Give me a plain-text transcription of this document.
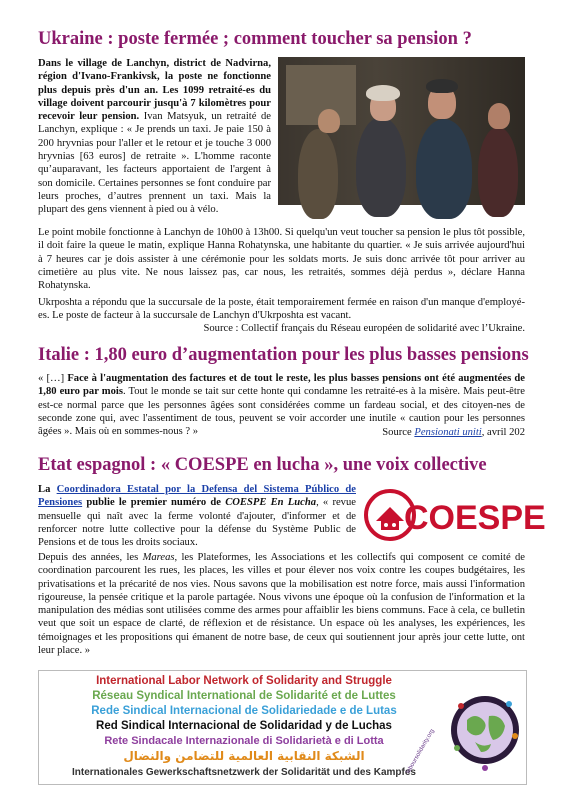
Ukraine : poste fermée ; comment toucher sa pension ?
Dans le village de Lanchyn, district de Nadvirna, région d'Ivano-Frankivsk, la poste ne fonctionne plus depuis près d'un an. Les 1099 retraité-es du village doivent parcourir jusqu'à 7 kilomètres pour recevoir leur pension. Ivan Matsyuk, un retraité de Lanchyn, explique : « Je prends un taxi. Je paie 150 à 200 hryvnias pour l'aller et le retour et je touche 3 000 hryvnias [63 euros] de retraite ». L'homme raconte qu’auparavant, les facteurs apportaient de l'argent à son domicile. Certaines personnes se font conduire par leurs proches, d’autres prennent un taxi. Mais la plupart des gens viennent à pied ou à vélo.
Le point mobile fonctionne à Lanchyn de 10h00 à 13h00. Si quelqu'un veut toucher sa pension le plus tôt possible, il doit faire la queue le matin, explique Hanna Rohatynska, une habitante du quartier. « Je suis arrivée aujourd'hui à 7 heures car je dois assister à une cérémonie pour les soldats morts. Je suis donc arrivée tôt pour arriver au cimetière au plus vite. Ne nous laissez pas, car nous, les retraités, sommes déjà perdus », déclare Hanna Rohatynska.
Ukrposhta a répondu que la succursale de la poste, était temporairement fermée en raison d'un manque d'employé-es. Le poste de facteur à la succursale de Lanchyn d'Ukrposhta est vacant.
Source : Collectif français du Réseau européen de solidarité avec l’Ukraine.
Italie : 1,80 euro d’augmentation pour les plus basses pensions
« […] Face à l'augmentation des factures et de tout le reste, les plus basses pensions ont été augmentées de 1,80 euro par mois. Tout le monde se tait sur cette honte qui condamne les retraité-es à la misère. Mais peut-être est-ce normal parce que les personnes âgées sont considérées comme un fardeau social, et des citoyen-nes de seconde zone qui, avec l'assentiment de tous, peuvent se voir accorder une inutile « caution pour les personnes âgées ». Mais où en sommes-nous ? »	Source Pensionati uniti, avril 202
Etat espagnol : « COESPE en lucha », une voix collective
La Coordinadora Estatal por la Defensa del Sistema Público de Pensiones publie le premier numéro de COESPE En Lucha, « revue mensuelle qui naît avec la ferme volonté d'ajouter, d'informer et de renforcer notre lutte collective pour la défense du Système Public de Pensions et de tous les droits sociaux.
COESPE
Depuis des années, les Mareas, les Plateformes, les Associations et les collectifs qui composent ce comité de coordination parcourent les rues, les places, les villes et pour élever nos voix contre les coupes budgétaires, les privatisations et la précarité de nos vies. Nous savons que la mobilisation est notre force, mais aussi l'information rigoureuse, la pensée critique et la parole partagée. Nous vivons une époque où la confusion de l'information et la manipulation des médias sont utilisées comme des armes pour affaiblir les biens communs. Face à cela, ce bulletin veut que soit un espace de clarté, de réflexion et de résistance. Un espace où les analyses, les expériences, les témoignages et les propositions qui émanent de notre base, de ceux qui soutiennent jour après jour cette lutte, ont leur place. »
International Labor Network of Solidarity and Struggle
Réseau Syndical International de Solidarité et de Luttes
Rede Sindical Internacional de Solidariedade e de Lutas
Red Sindical Internacional de Solidaridad y de Luchas
Rete Sindacale Internazionale di Solidarietà e di Lotta
الشبكة النقابية العالمية للتضامن والنضال
Internationales Gewerkschaftsnetzwerk der Solidarität und des Kampfes
laboursolidarity.org
